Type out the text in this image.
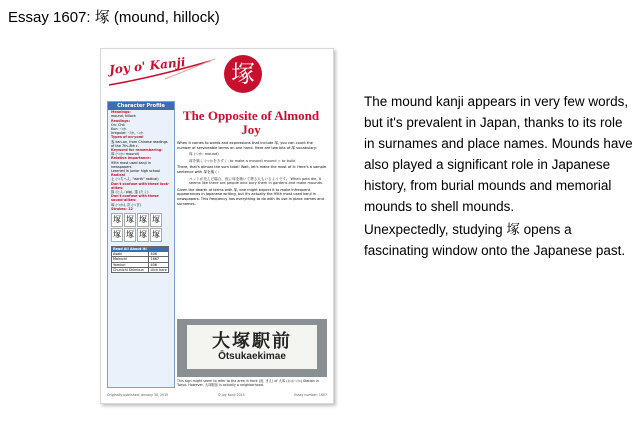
Essay 1607: 塚 (mound, hillock)
Joy o' Kanji 塚
Character Profile
Meanings:
mound, hillock
Readings:
On: Chō
Kun: つか
Irregular: づか, つか
Types of on-yomi
客 kan-on, from Chinese readings
of the 7th–8th c.
Keyword for remembering:
塚 (つか: mound)
Relative importance:
95th most used kanji in newspapers
Learned in junior high school
Radical
土 (つちへん, "earth" radical)
Don't confuse with these look-alikes:
豚 (とん: pig), 逺 (たく)
Don't confuse with these sound-alikes:
塚 (つか), 次 (つぎ)
Strokes: 12
塚 塚 塚 塚
塚 塚 塚 塚
Read All About It!	
Asahi	406
Mainichi	1667
Yomiuri	406
Chunichi Shimbun	click here
The Opposite of Almond Joy

When it comes to words and expressions that include 塚, you can count the number of serviceable terms on one hand. Here are two bits of 塚 vocabulary:

塚 (つか: mound)

塚を築く (つかをきずく: to make a mound) mound = to build

There, that's almost the sum total! Wait, let's make the most of it: Here's a sample sentence with 塚を築く:

ペットが死んだ場合、庭に塚を築いて葬る人もいるようです。 When pets die, it seems like there are people who bury them in gardens and make mounds.

Given the dearth of terms with 塚, one might expect it to make infrequent appearances in Japanese writing, but it's actually the 95th most used kanji in newspapers. This frequency has everything to do with its use in place names and surnames.

大塚駅前
Ōtsukaekimae
This sign might seem to refer to the area in front (前, まえ) of 大塚 (おおつか) Station in Tokyo. However, 大塚駅前 is actually a neighborhood.
Originally published: January 30, 2015	© Joy Kanji 2015	Essay number: 1607

The mound kanji appears in very few words, but it's prevalent in Japan, thanks to its role in surnames and place names. Mounds have also played a significant role in Japanese history, from burial mounds and memorial mounds to shell mounds.

Unexpectedly, studying 塚 opens a fascinating window onto the Japanese past.
